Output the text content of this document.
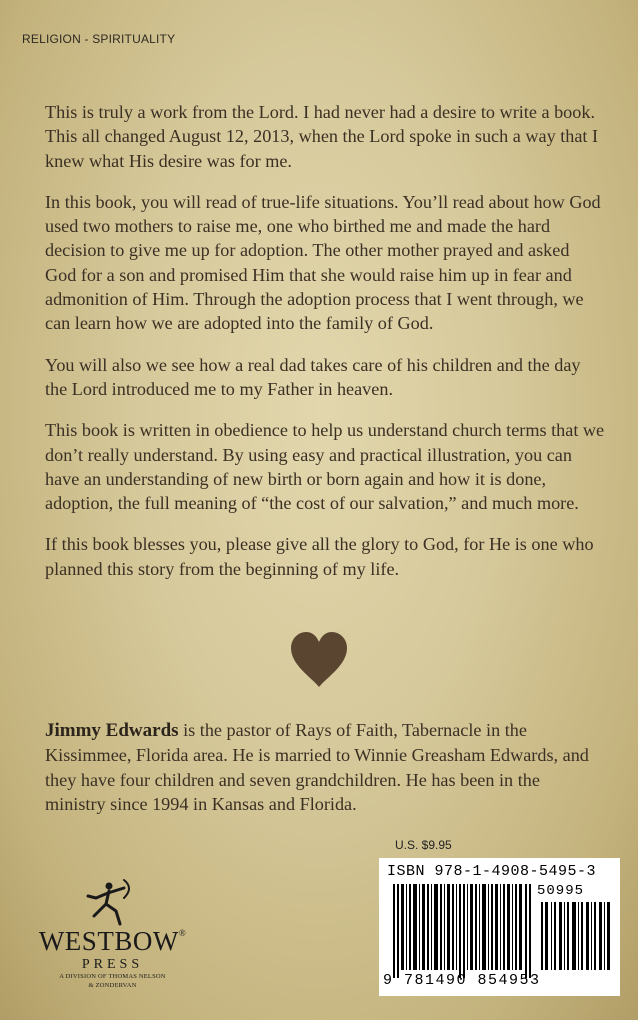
RELIGION - SPIRITUALITY

This is truly a work from the Lord. I had never had a desire to write a book. This all changed August 12, 2013, when the Lord spoke in such a way that I knew what His desire was for me.

In this book, you will read of true-life situations. You’ll read about how God used two mothers to raise me, one who birthed me and made the hard decision to give me up for adoption. The other mother prayed and asked God for a son and promised Him that she would raise him up in fear and admonition of Him. Through the adoption process that I went through, we can learn how we are adopted into the family of God.

You will also we see how a real dad takes care of his children and the day the Lord introduced me to my Father in heaven.

This book is written in obedience to help us understand church terms that we don’t really understand. By using easy and practical illustration, you can have an understanding of new birth or born again and how it is done, adoption, the full meaning of “the cost of our salvation,” and much more.

If this book blesses you, please give all the glory to God, for He is one who planned this story from the beginning of my life.

Jimmy Edwards is the pastor of Rays of Faith, Tabernacle in the Kissimmee, Florida area. He is married to Winnie Greasham Edwards, and they have four children and seven grandchildren. He has been in the ministry since 1994 in Kansas and Florida.
U.S. $9.95
ISBN 978-1-4908-5495-3
50995
9 781490 854953
WESTBOW®
PRESS
A DIVISION OF THOMAS NELSON
& ZONDERVAN
